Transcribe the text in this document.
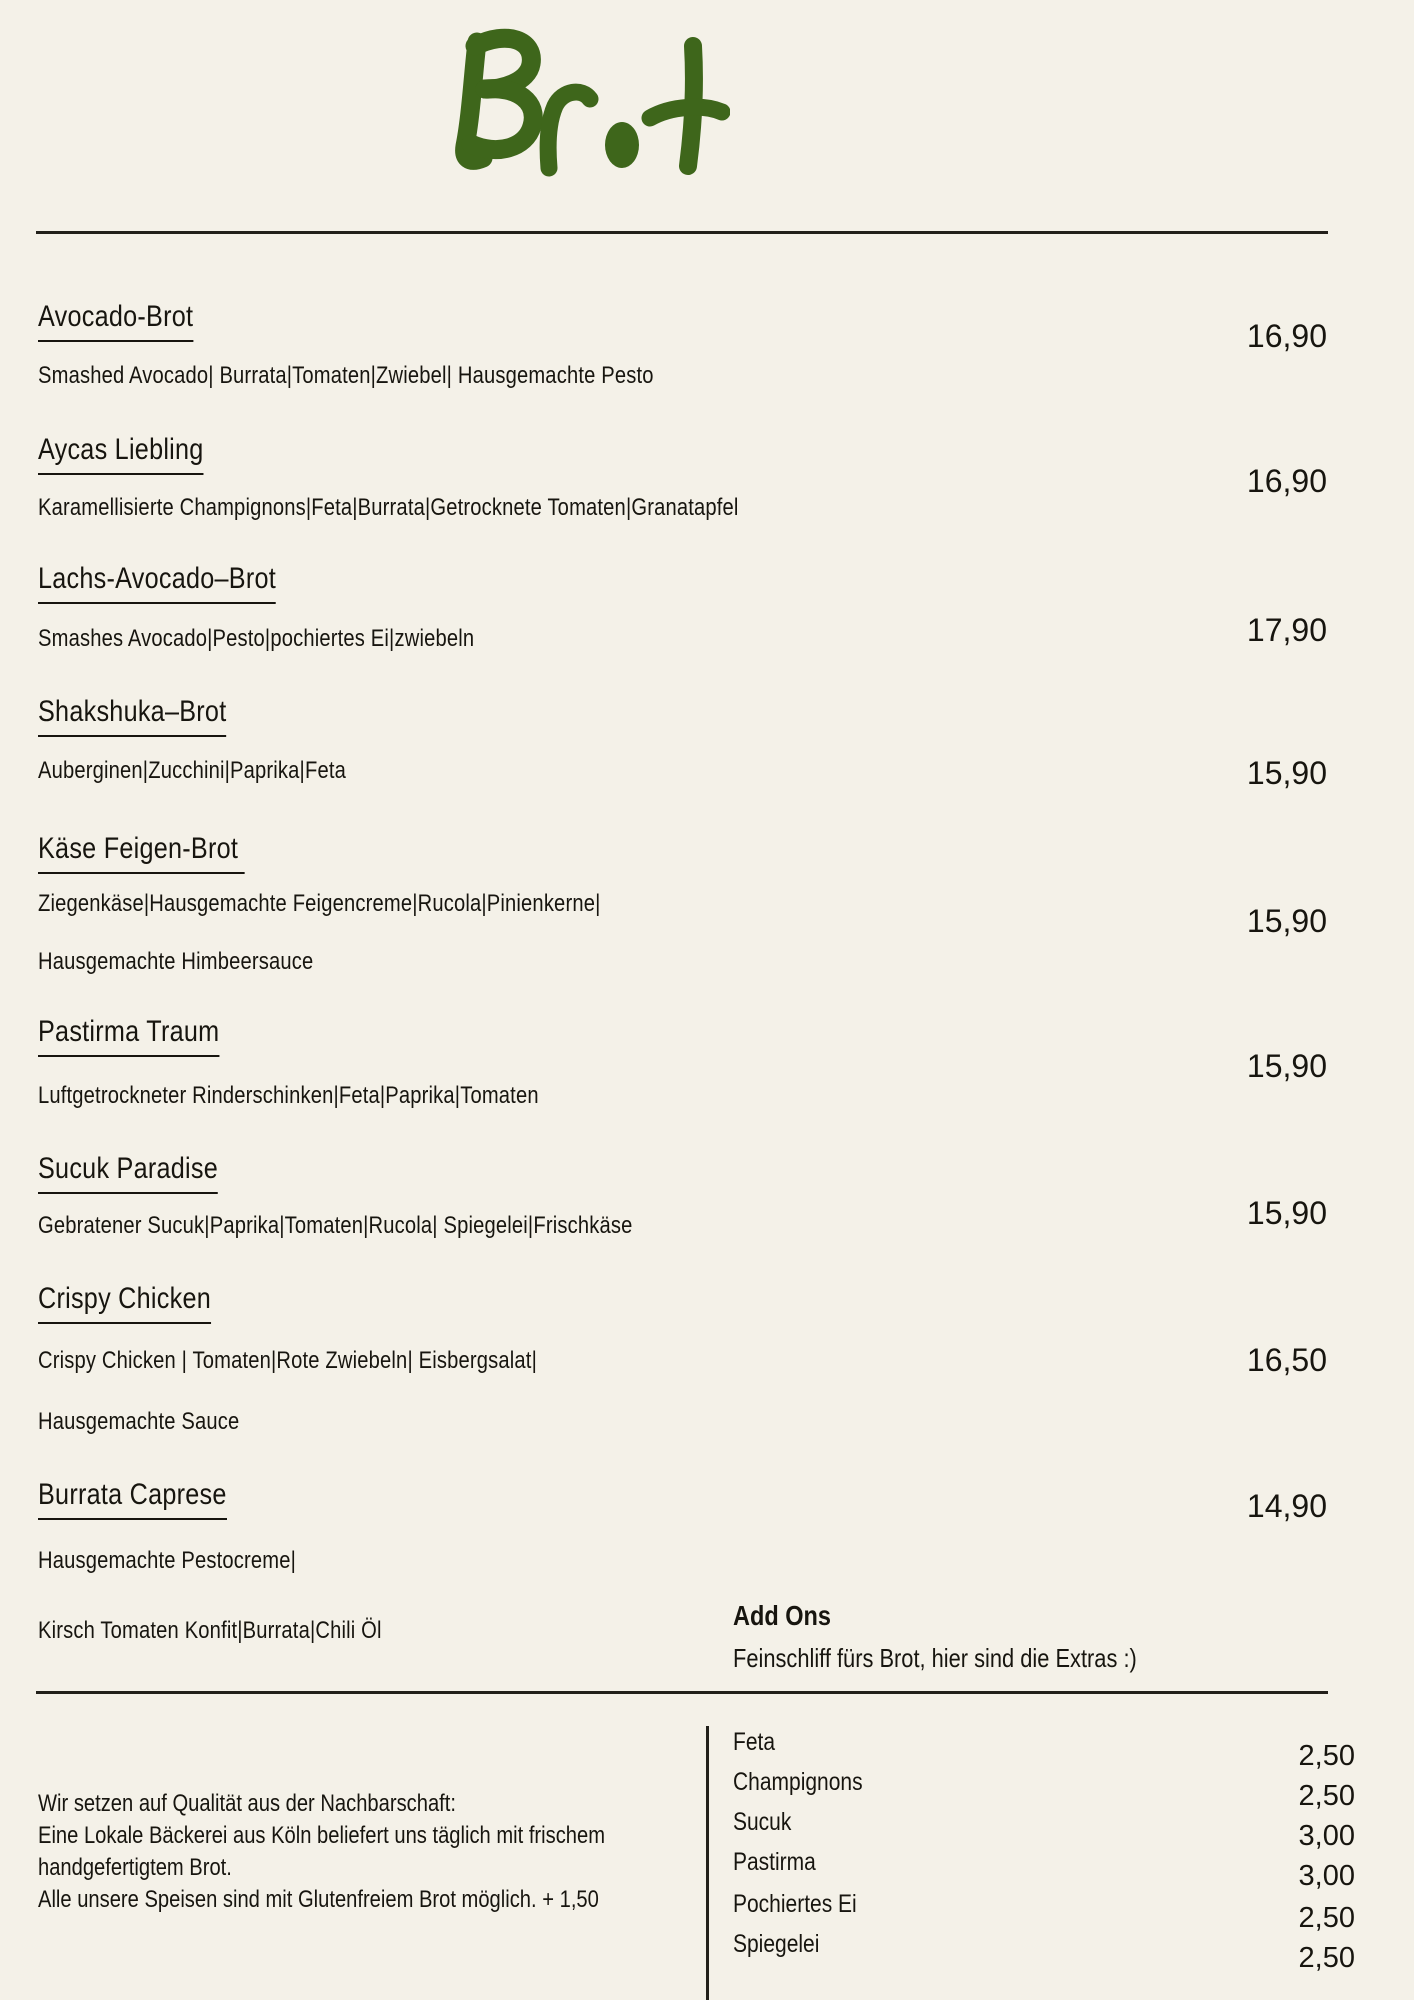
Avocado-Brot
Smashed Avocado| Burrata|Tomaten|Zwiebel| Hausgemachte Pesto
16,90
Aycas Liebling
Karamellisierte Champignons|Feta|Burrata|Getrocknete Tomaten|Granatapfel
16,90
Lachs-Avocado–Brot
Smashes Avocado|Pesto|pochiertes Ei|zwiebeln	17,90
Shakshuka–Brot
Auberginen|Zucchini|Paprika|Feta	15,90
Käse Feigen-Brot
Ziegenkäse|Hausgemachte Feigencreme|Rucola|Pinienkerne|
Hausgemachte Himbeersauce
15,90
Pastirma Traum
Luftgetrockneter Rinderschinken|Feta|Paprika|Tomaten
15,90
Sucuk Paradise
Gebratener Sucuk|Paprika|Tomaten|Rucola| Spiegelei|Frischkäse	15,90
Crispy Chicken
Crispy Chicken | Tomaten|Rote Zwiebeln| Eisbergsalat|
Hausgemachte Sauce
16,50
Burrata Caprese
Hausgemachte Pestocreme|
Kirsch Tomaten Konfit|Burrata|Chili Öl
14,90
Add Ons
Feinschliff fürs Brot, hier sind die Extras :)
Feta	2,50
Champignons	2,50
Sucuk	3,00
Pastirma	3,00
Pochiertes Ei	2,50
Spiegelei	2,50
Wir setzen auf Qualität aus der Nachbarschaft:
Eine Lokale Bäckerei aus Köln beliefert uns täglich mit frischem
handgefertigtem Brot.
Alle unsere Speisen sind mit Glutenfreiem Brot möglich. + 1,50
